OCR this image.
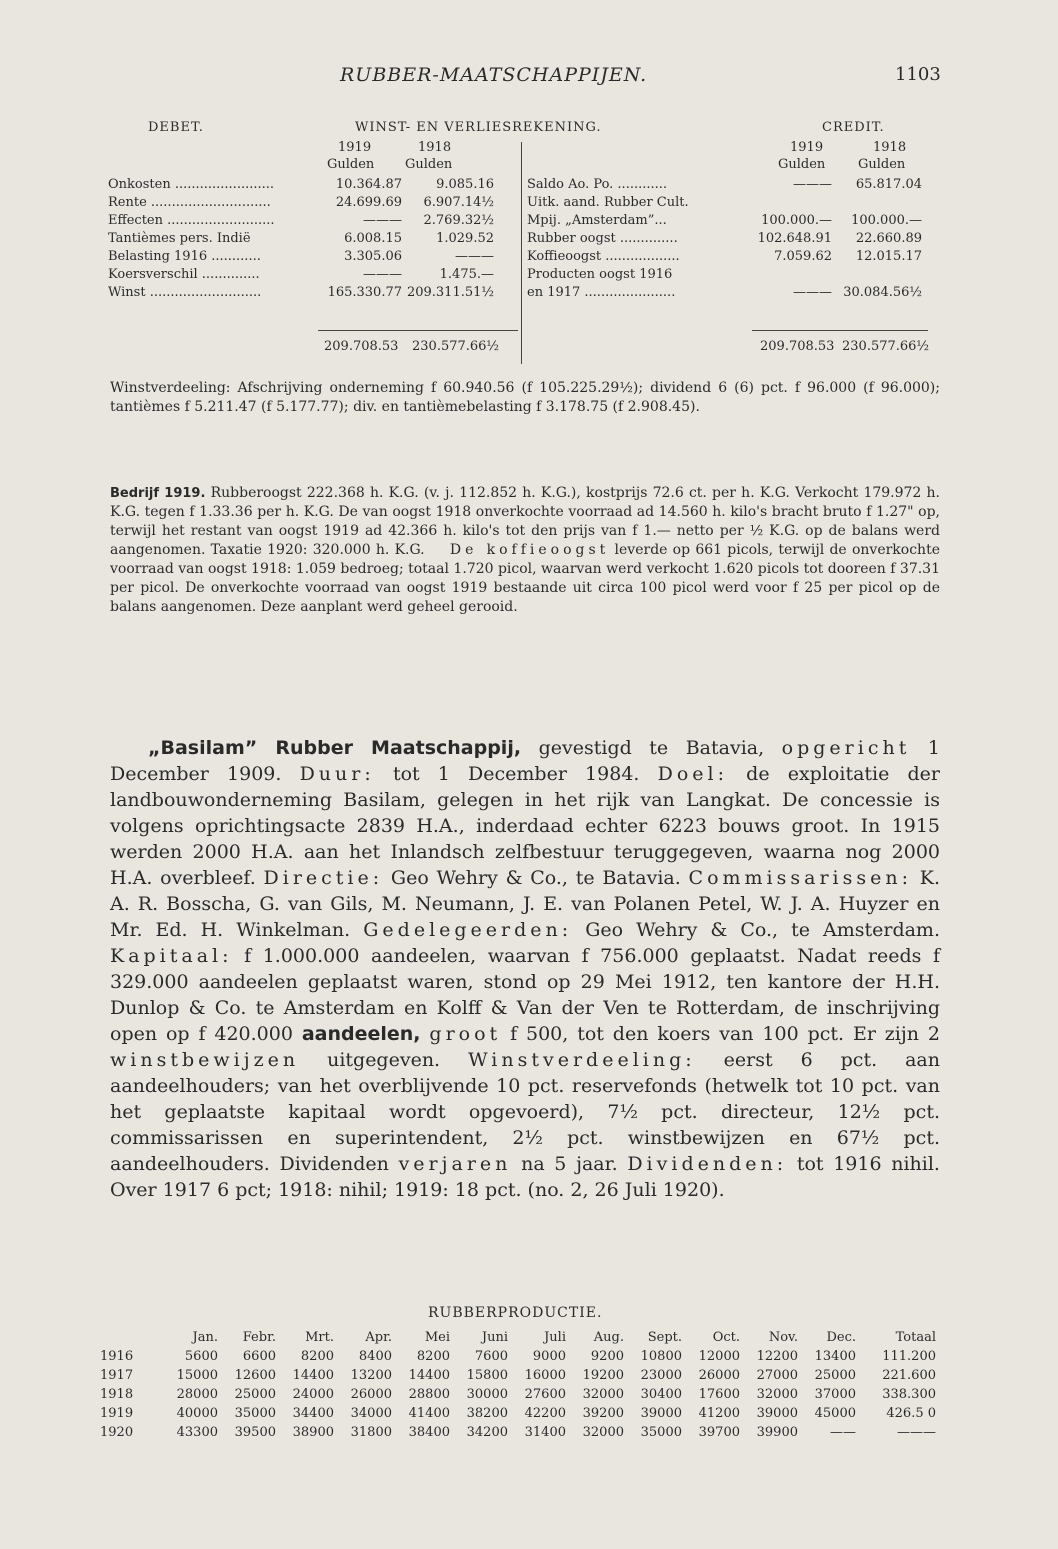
RUBBER-MAATSCHAPPIJEN.	1103
DEBET.	WINST- EN VERLIESREKENING.	CREDIT.
1919	1918
Gulden Gulden
1919	1918
Gulden	Gulden
Onkosten ........................	10.364.87	9.085.16
Rente .............................	24.699.69	6.907.14½
Effecten ..........................	———	2.769.32½
Tantièmes pers. Indië	6.008.15	1.029.52
Belasting 1916 ............	3.305.06	———
Koersverschil ..............	———	1.475.—
Winst ...........................	165.330.77	209.311.51½
Saldo Ao. Po. ............	———	65.817.04
Uitk. aand. Rubber Cult.		
Mpij. „Amsterdam”...	100.000.—	100.000.—
Rubber oogst ..............	102.648.91	22.660.89
Koffieoogst ..................	7.059.62	12.015.17
Producten oogst 1916		
en 1917 ......................	———	30.084.56½
209.708.53 230.577.66½	209.708.53 230.577.66½
Winstverdeeling: Afschrijving onderneming f 60.940.56 (f 105.225.29½); dividend 6 (6) pct. f 96.000 (f 96.000); tantièmes f 5.211.47 (f 5.177.77); div. en tantièmebelasting f 3.178.75 (f 2.908.45).
Bedrijf 1919. Rubberoogst 222.368 h. K.G. (v. j. 112.852 h. K.G.), kostprijs 72.6 ct. per h. K.G. Verkocht 179.972 h. K.G. tegen f 1.33.36 per h. K.G. De van oogst 1918 onverkochte voorraad ad 14.560 h. kilo's bracht bruto f 1.27" op, terwijl het restant van oogst 1919 ad 42.366 h. kilo's tot den prijs van f 1.— netto per ½ K.G. op de balans werd aangenomen. Taxatie 1920: 320.000 h. K.G. De koffieoogst leverde op 661 picols, terwijl de onverkochte voorraad van oogst 1918: 1.059 bedroeg; totaal 1.720 picol, waarvan werd verkocht 1.620 picols tot dooreen f 37.31 per picol. De onverkochte voorraad van oogst 1919 bestaande uit circa 100 picol werd voor f 25 per picol op de balans aangenomen. Deze aanplant werd geheel gerooid.
„Basilam” Rubber Maatschappij, gevestigd te Batavia, opgericht 1 December 1909. Duur: tot 1 December 1984. Doel: de exploitatie der landbouwonderneming Basilam, gelegen in het rijk van Langkat. De concessie is volgens oprichtingsacte 2839 H.A., inderdaad echter 6223 bouws groot. In 1915 werden 2000 H.A. aan het Inlandsch zelfbestuur teruggegeven, waarna nog 2000 H.A. overbleef. Directie: Geo Wehry & Co., te Batavia. Commissarissen: K. A. R. Bosscha, G. van Gils, M. Neumann, J. E. van Polanen Petel, W. J. A. Huyzer en Mr. Ed. H. Winkelman. Gedelegeerden: Geo Wehry & Co., te Amsterdam. Kapitaal: f 1.000.000 aandeelen, waarvan f 756.000 geplaatst. Nadat reeds f 329.000 aandeelen geplaatst waren, stond op 29 Mei 1912, ten kantore der H.H. Dunlop & Co. te Amsterdam en Kolff & Van der Ven te Rotterdam, de inschrijving open op f 420.000 aandeelen, groot f 500, tot den koers van 100 pct. Er zijn 2 winstbewijzen uitgegeven. Winstverdeeling: eerst 6 pct. aan aandeelhouders; van het overblijvende 10 pct. reservefonds (hetwelk tot 10 pct. van het geplaatste kapitaal wordt opgevoerd), 7½ pct. directeur, 12½ pct. commissarissen en superintendent, 2½ pct. winstbewijzen en 67½ pct. aandeelhouders. Dividenden verjaren na 5 jaar. Dividenden: tot 1916 nihil. Over 1917 6 pct; 1918: nihil; 1919: 18 pct. (no. 2, 26 Juli 1920).
RUBBERPRODUCTIE.
	Jan.	Febr.	Mrt.	Apr.	Mei	Juni	Juli	Aug.	Sept.	Oct.	Nov.	Dec.	Totaal
1916	5600	6600	8200	8400	8200	7600	9000	9200	10800	12000	12200	13400	111.200
1917	15000	12600	14400	13200	14400	15800	16000	19200	23000	26000	27000	25000	221.600
1918	28000	25000	24000	26000	28800	30000	27600	32000	30400	17600	32000	37000	338.300
1919	40000	35000	34400	34000	41400	38200	42200	39200	39000	41200	39000	45000	426.5 0
1920	43300	39500	38900	31800	38400	34200	31400	32000	35000	39700	39900	——	———
